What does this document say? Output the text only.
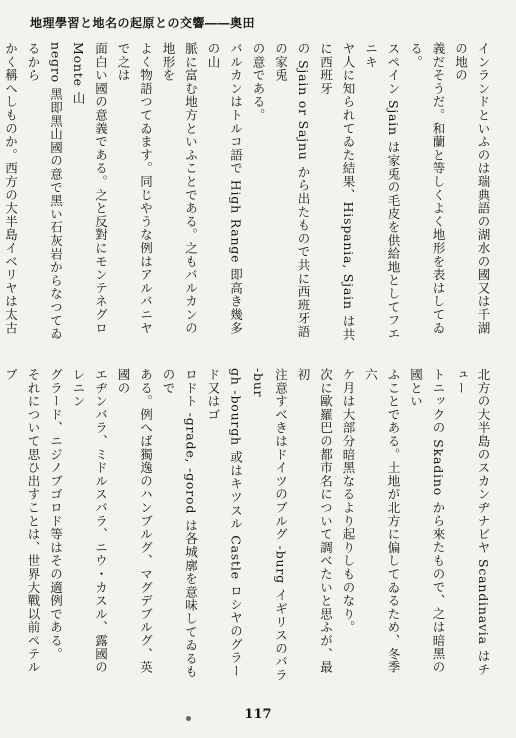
地理學習と地名の起原との交響――奥田

インランドといふのは瑞典語の湖水の國又は千湖の地の

義だそうだ。和蘭と等しくよく地形を表はしてゐる。

スペイン Sjain は家兎の毛皮を供給地としてフエニキ

ヤ人に知られてゐた結果、Hispania, Sjain は共に西班牙

の Sjain or Sajnu から出たもので共に西班牙語の家兎

の意である。

バルカンはトルコ語で High Range 即高き幾多の山

脈に富む地方といふことである。之もバルカンの地形を

よく物語つてゐます。同じやうな例はアルバニヤで之は

面白い國の意義である。之と反對にモンテネグロ Monte 山

negro 黑即黑山國の意で黑い石灰岩からなつてゐるから

かく稱へしものか。西方の大半島イベリヤは太古

北方の大半島のスカンヂナビヤ Scandinavia はチュー

トニックの Skadino から來たもので、之は暗黑の國とい

ふことである。土地が北方に偏してゐるため、冬季六

ケ月は大部分暗黑なるより起りしものなり。

次に歐羅巴の都市名について調べたいと思ふが、最初

注意すべきはドイツのブルグ -burg イギリスのバラ -bur

gh -bourgh 或はキツスル Castle ロシヤのグラード又はゴ

ロドト -grade, -gorod は各城廓を意味してゐるもので

ある。例へば獨逸のハンブルグ、マグデブルグ、英國の

エヂンバラ、ミドルスバラ、ニウ・カスル、露國のレニン

グラード、ニジノブゴロド等はその適例である。

それについて思ひ出すことは、世界大戰以前ペテルブ

117
